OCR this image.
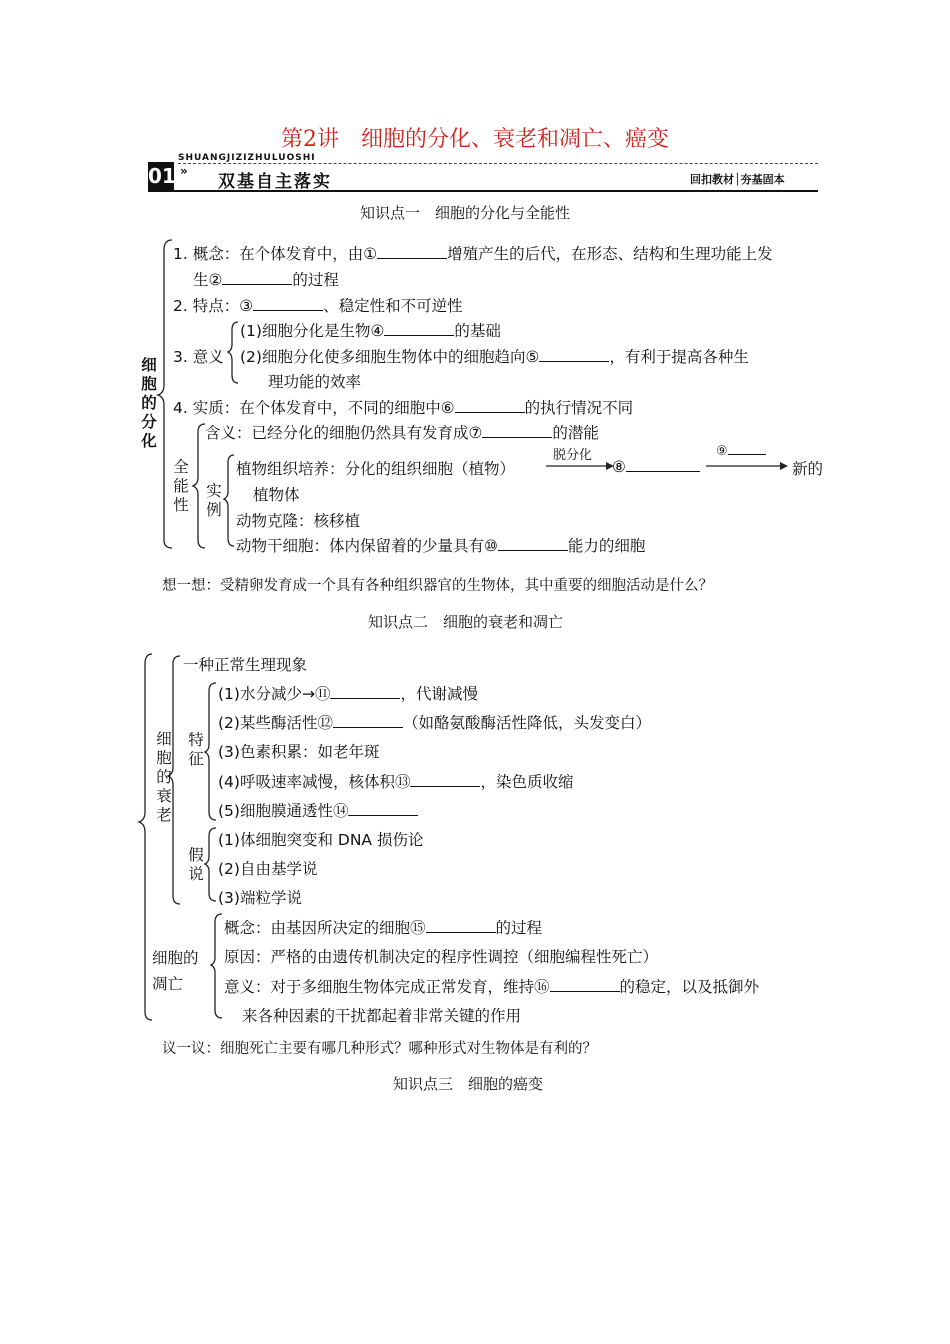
第2讲　细胞的分化、衰老和凋亡、癌变
SHUANGJIZIZHULUOSHI
01 »
双基自主落实	回扣教材│夯基固本
知识点一　细胞的分化与全能性
细
胞
的
分
化
1. 概念：在个体发育中，由①	增殖产生的后代，在形态、结构和生理功能上发
生②	的过程
2. 特点：③	、稳定性和不可逆性
(1)细胞分化是生物④	的基础
3. 意义 (2)细胞分化使多细胞生物体中的细胞趋向⑤	，有利于提高各种生
理功能的效率
4. 实质：在个体发育中，不同的细胞中⑥	的执行情况不同
含义：已经分化的细胞仍然具有发育成⑦	的潜能
全
能
性
实
例
植物组织培养：分化的组织细胞（植物）
脱分化
⑧
⑨
新的
植物体
动物克隆：核移植
动物干细胞：体内保留着的少量具有⑩	能力的细胞
想一想：受精卵发育成一个具有各种组织器官的生物体，其中重要的细胞活动是什么？
知识点二　细胞的衰老和凋亡
细
胞
的
衰
老
特
征
假
说
细胞的
凋亡
一种正常生理现象
(1)水分减少→⑪	，代谢减慢
(2)某些酶活性⑫	（如酪氨酸酶活性降低，头发变白）
(3)色素积累：如老年斑
(4)呼吸速率减慢，核体积⑬	，染色质收缩
(5)细胞膜通透性⑭
(1)体细胞突变和 DNA 损伤论
(2)自由基学说
(3)端粒学说
概念：由基因所决定的细胞⑮	的过程
原因：严格的由遗传机制决定的程序性调控（细胞编程性死亡）
意义：对于多细胞生物体完成正常发育，维持⑯	的稳定，以及抵御外
来各种因素的干扰都起着非常关键的作用
议一议：细胞死亡主要有哪几种形式？哪种形式对生物体是有利的？
知识点三　细胞的癌变
